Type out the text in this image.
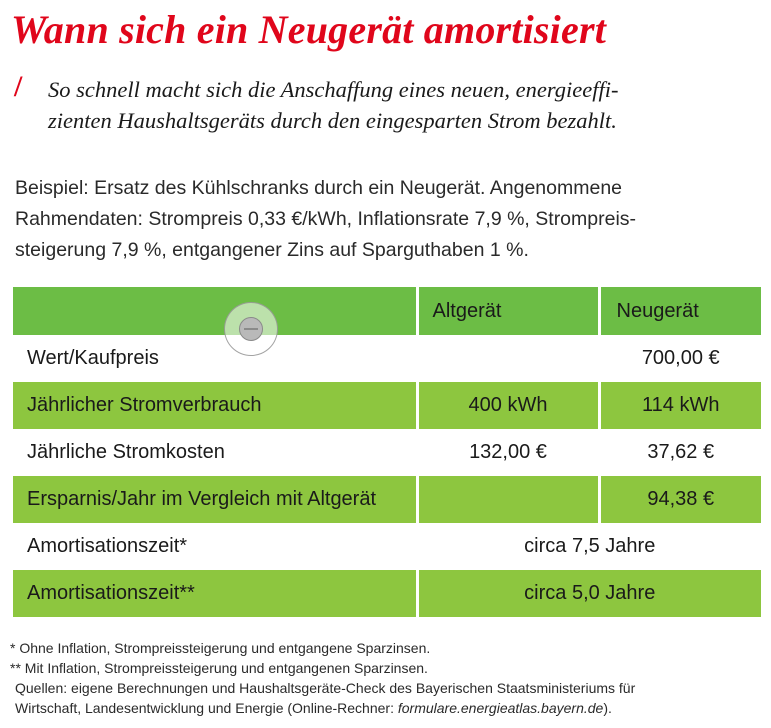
Wann sich ein Neugerät amortisiert
/	So schnell macht sich die Anschaffung eines neuen, energieeffi-
zienten Haushaltsgeräts durch den eingesparten Strom bezahlt.
Beispiel: Ersatz des Kühlschranks durch ein Neugerät. Angenommene
Rahmendaten: Strompreis 0,33 €/kWh, Inflationsrate 7,9 %, Strompreis-
steigerung 7,9 %, entgangener Zins auf Sparguthaben 1 %.
	Altgerät	Neugerät
Wert/Kaufpreis		700,00 €
Jährlicher Stromverbrauch	400 kWh	114 kWh
Jährliche Stromkosten	132,00 €	37,62 €
Ersparnis/Jahr im Vergleich mit Altgerät		94,38 €
Amortisationszeit*	circa 7,5 Jahre	
Amortisationszeit**	circa 5,0 Jahre	
* Ohne Inflation, Strompreissteigerung und entgangene Sparzinsen.
** Mit Inflation, Strompreissteigerung und entgangenen Sparzinsen.
Quellen: eigene Berechnungen und Haushaltsgeräte-Check des Bayerischen Staatsministeriums für
Wirtschaft, Landesentwicklung und Energie (Online-Rechner: formulare.energieatlas.bayern.de).
